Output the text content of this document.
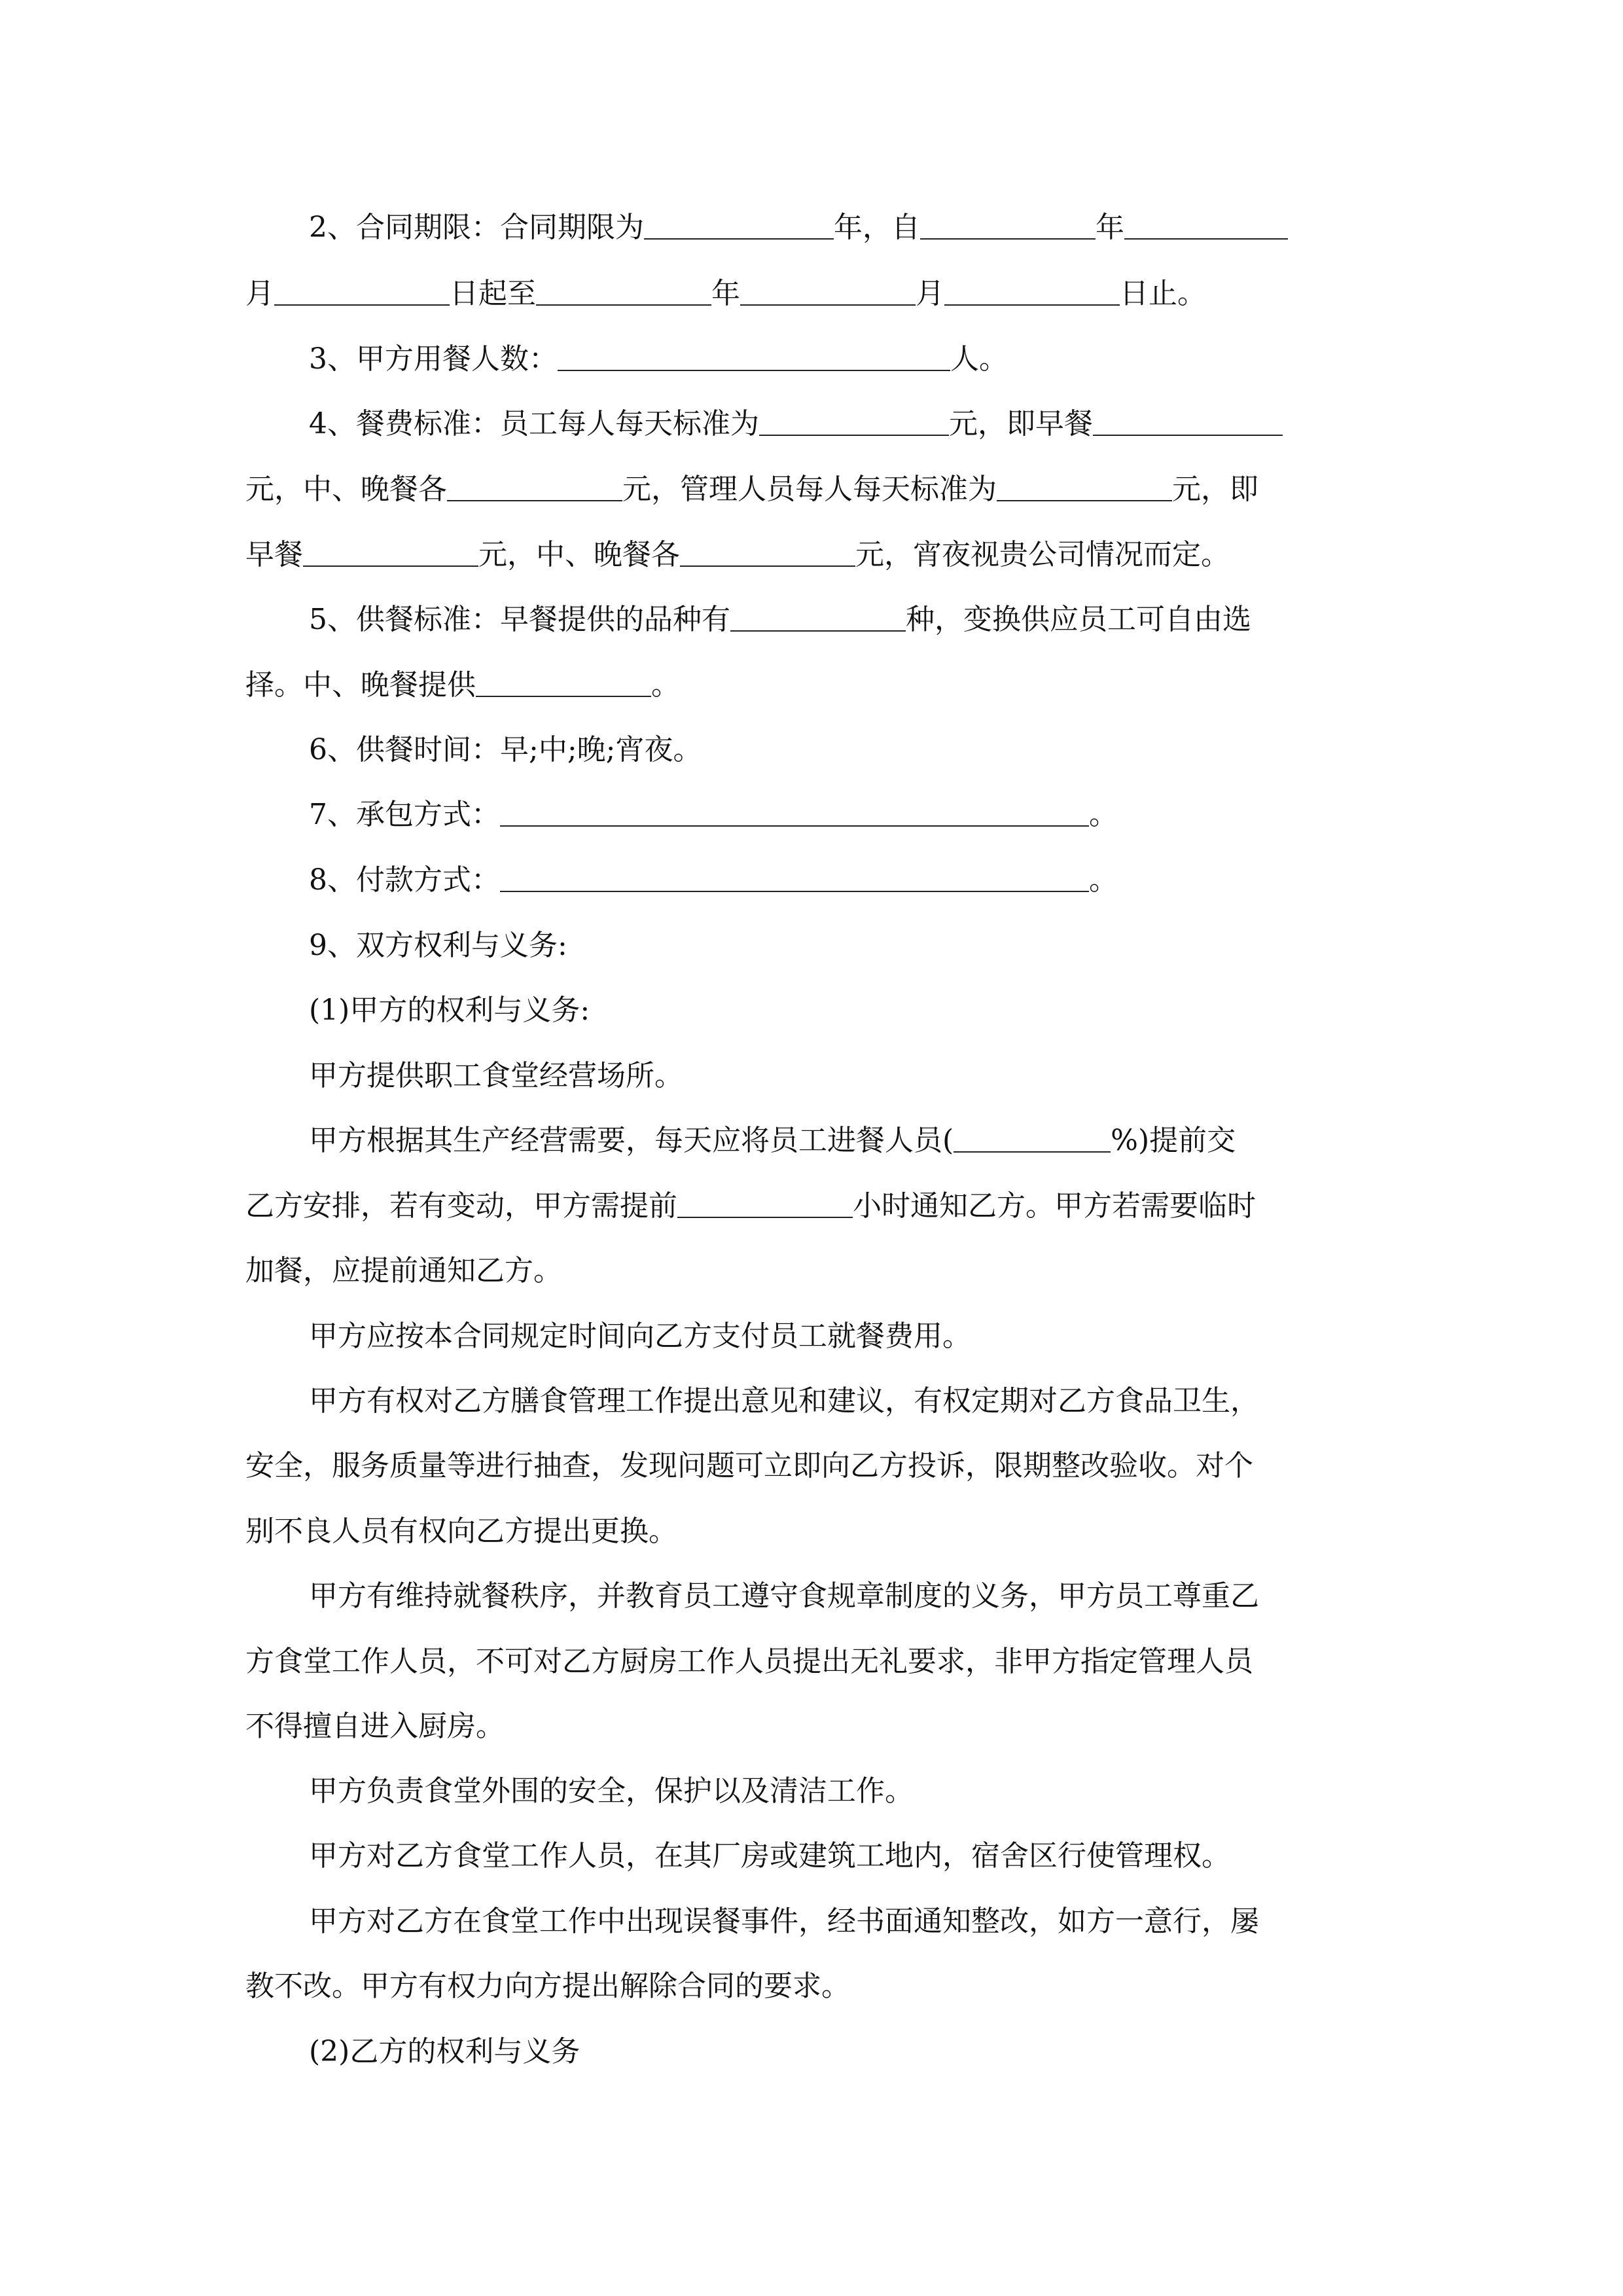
2、合同期限：合同期限为	年，自	年
月	日起至	年	月	日止。
3、甲方用餐人数：	人。
4、餐费标准：员工每人每天标准为	元，即早餐
元，中、晚餐各	元，管理人员每人每天标准为	元，即
早餐	元，中、晚餐各	元，宵夜视贵公司情况而定。
5、供餐标准：早餐提供的品种有	种，变换供应员工可自由选
择。中、晚餐提供	。
6、供餐时间：早;中;晚;宵夜。
7、承包方式：	。
8、付款方式：	。
9、双方权利与义务:
(1)甲方的权利与义务:
甲方提供职工食堂经营场所。
甲方根据其生产经营需要，每天应将员工进餐人员(	%)提前交
乙方安排，若有变动，甲方需提前	小时通知乙方。甲方若需要临时
加餐，应提前通知乙方。
甲方应按本合同规定时间向乙方支付员工就餐费用。
甲方有权对乙方膳食管理工作提出意见和建议，有权定期对乙方食品卫生，
安全，服务质量等进行抽查，发现问题可立即向乙方投诉，限期整改验收。对个
别不良人员有权向乙方提出更换。
甲方有维持就餐秩序，并教育员工遵守食规章制度的义务，甲方员工尊重乙
方食堂工作人员，不可对乙方厨房工作人员提出无礼要求，非甲方指定管理人员
不得擅自进入厨房。
甲方负责食堂外围的安全，保护以及清洁工作。
甲方对乙方食堂工作人员，在其厂房或建筑工地内，宿舍区行使管理权。
甲方对乙方在食堂工作中出现误餐事件，经书面通知整改，如方一意行，屡
教不改。甲方有权力向方提出解除合同的要求。
(2)乙方的权利与义务
